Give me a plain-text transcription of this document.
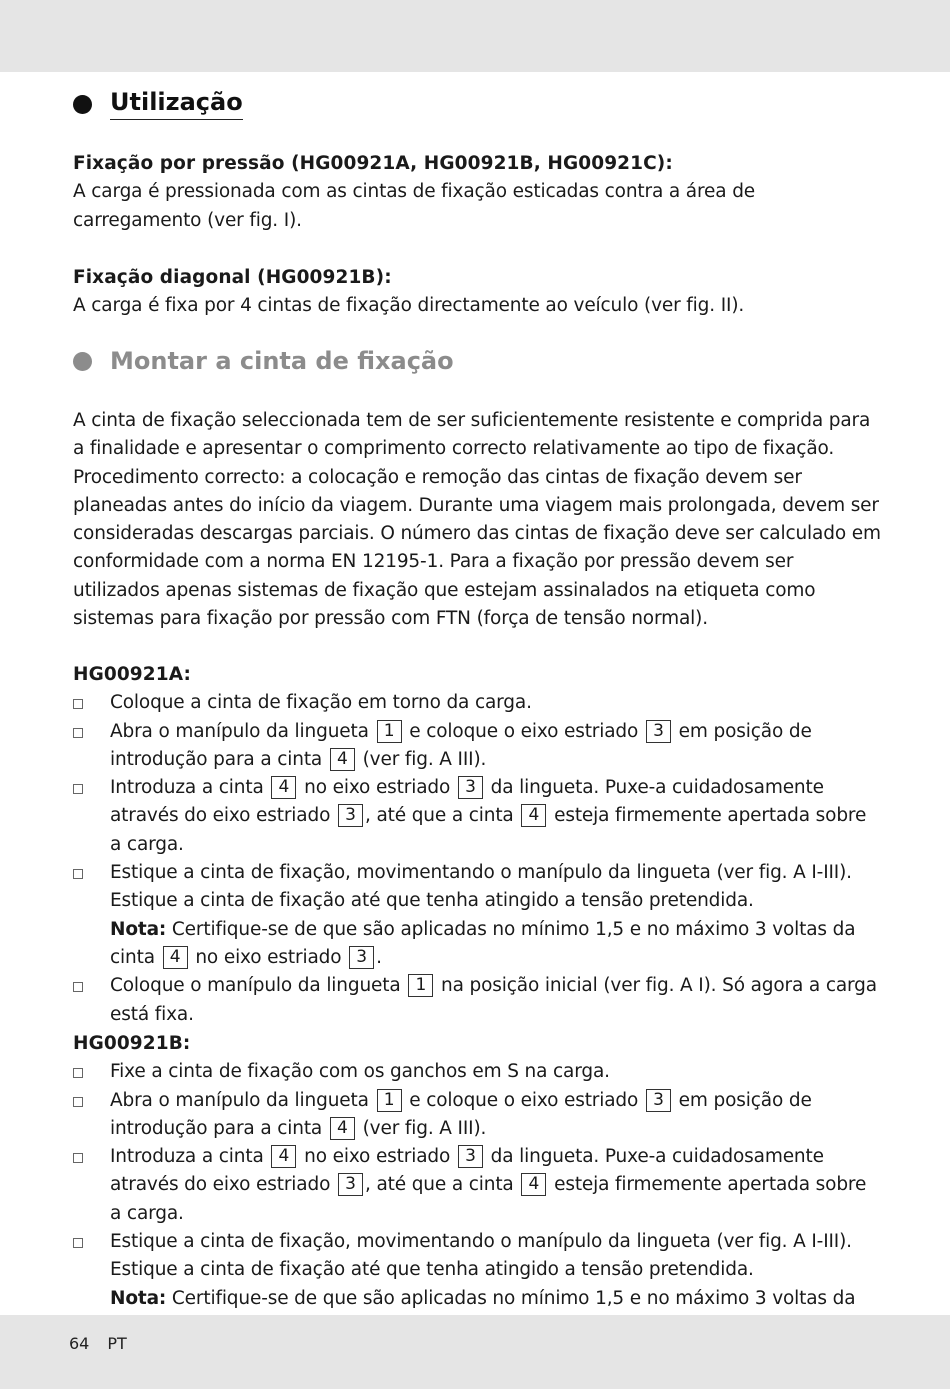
Utilização
Fixação por pressão (HG00921A, HG00921B, HG00921C):
A carga é pressionada com as cintas de fixação esticadas contra a área de carregamento (ver fig. I).
Fixação diagonal (HG00921B):
A carga é fixa por 4 cintas de fixação directamente ao veículo (ver fig. II).
Montar a cinta de fixação
A cinta de fixação seleccionada tem de ser suficientemente resistente e comprida para a finalidade e apresentar o comprimento correcto relativamente ao tipo de fixação. Procedimento correcto: a colocação e remoção das cintas de fixação devem ser planeadas antes do início da viagem. Durante uma viagem mais prolongada, devem ser consideradas descargas parciais. O número das cintas de fixação deve ser calculado em conformidade com a norma EN 12195-1. Para a fixação por pressão devem ser utilizados apenas sistemas de fixação que estejam assinalados na etiqueta como sistemas para fixação por pressão com FTN (força de tensão normal).
HG00921A:
Coloque a cinta de fixação em torno da carga.
Abra o manípulo da lingueta 1 e coloque o eixo estriado 3 em posição de introdução para a cinta 4 (ver fig. A III).
Introduza a cinta 4 no eixo estriado 3 da lingueta. Puxe-a cuidadosamente através do eixo estriado 3 , até que a cinta 4 esteja firmemente apertada sobre a carga.
Estique a cinta de fixação, movimentando o manípulo da lingueta (ver fig. A I-III). Estique a cinta de fixação até que tenha atingido a tensão pretendida.
Nota: Certifique-se de que são aplicadas no mínimo 1,5 e no máximo 3 voltas da cinta 4 no eixo estriado 3 .
Coloque o manípulo da lingueta 1 na posição inicial (ver fig. A I). Só agora a carga está fixa.
HG00921B:
Fixe a cinta de fixação com os ganchos em S na carga.
Abra o manípulo da lingueta 1 e coloque o eixo estriado 3 em posição de introdução para a cinta 4 (ver fig. A III).
Introduza a cinta 4 no eixo estriado 3 da lingueta. Puxe-a cuidadosamente através do eixo estriado 3 , até que a cinta 4 esteja firmemente apertada sobre a carga.
Estique a cinta de fixação, movimentando o manípulo da lingueta (ver fig. A I-III). Estique a cinta de fixação até que tenha atingido a tensão pretendida.
Nota: Certifique-se de que são aplicadas no mínimo 1,5 e no máximo 3 voltas da
64 PT
